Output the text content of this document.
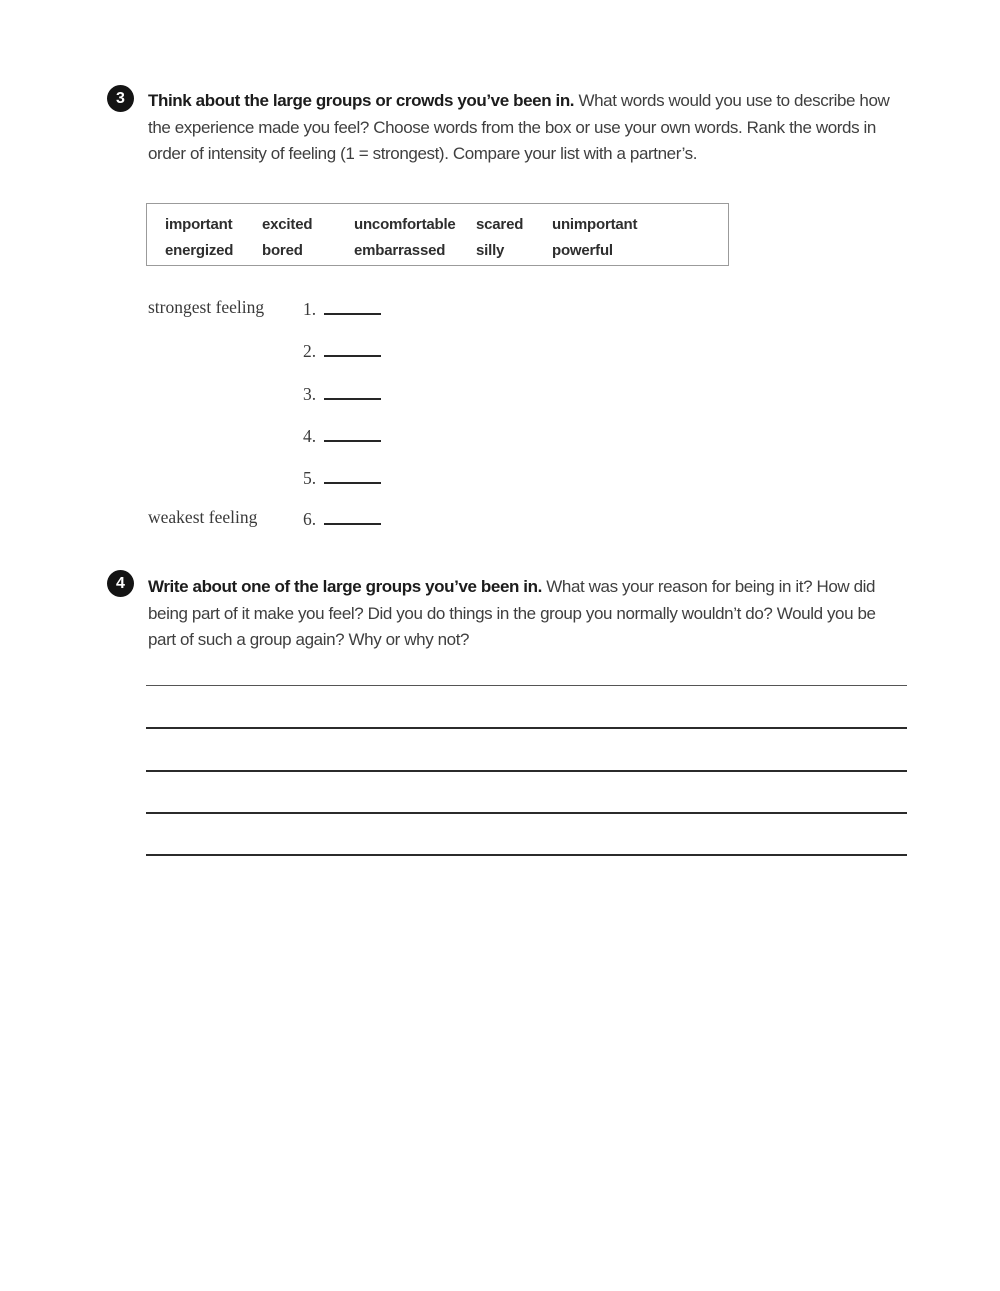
3 Think about the large groups or crowds you’ve been in. What words would you use to describe how the experience made you feel? Choose words from the box or use your own words. Rank the words in order of intensity of feeling (1 = strongest). Compare your list with a partner’s.

important
energized
excited
bored
uncomfortable
embarrassed
scared
silly
unimportant
powerful
strongest feeling 1.
2.
3.
4.
5.
6.
weakest feeling
4 Write about one of the large groups you’ve been in. What was your reason for being in it? How did being part of it make you feel? Did you do things in the group you normally wouldn’t do? Would you be part of such a group again? Why or why not?
